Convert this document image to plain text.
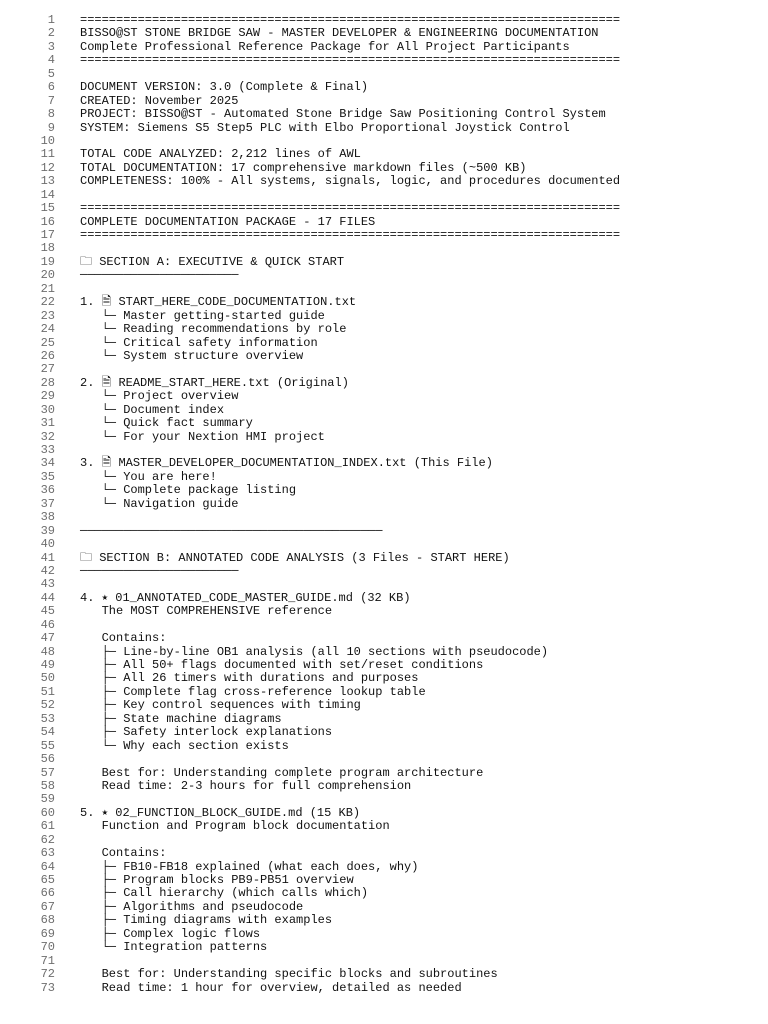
1 ===========================================================================
2 BISSO@ST STONE BRIDGE SAW - MASTER DEVELOPER & ENGINEERING DOCUMENTATION
3 Complete Professional Reference Package for All Project Participants
4 ===========================================================================
5
6 DOCUMENT VERSION: 3.0 (Complete & Final)
7 CREATED: November 2025
8 PROJECT: BISSO@ST - Automated Stone Bridge Saw Positioning Control System
9 SYSTEM: Siemens S5 Step5 PLC with Elbo Proportional Joystick Control
10
11 TOTAL CODE ANALYZED: 2,212 lines of AWL
12 TOTAL DOCUMENTATION: 17 comprehensive markdown files (~500 KB)
13 COMPLETENESS: 100% - All systems, signals, logic, and procedures documented
14
15 ===========================================================================
16 COMPLETE DOCUMENTATION PACKAGE - 17 FILES
17 ===========================================================================
18
19 🗀 SECTION A: EXECUTIVE & QUICK START
20 ──────────────────────
21
22 1. 🗎 START_HERE_CODE_DOCUMENTATION.txt
23 └─ Master getting-started guide
24 └─ Reading recommendations by role
25 └─ Critical safety information
26 └─ System structure overview
27
28 2. 🗎 README_START_HERE.txt (Original)
29 └─ Project overview
30 └─ Document index
31 └─ Quick fact summary
32 └─ For your Nextion HMI project
33
34 3. 🗎 MASTER_DEVELOPER_DOCUMENTATION_INDEX.txt (This File)
35 └─ You are here!
36 └─ Complete package listing
37 └─ Navigation guide
38
39 ──────────────────────────────────────────
40
41 🗀 SECTION B: ANNOTATED CODE ANALYSIS (3 Files - START HERE)
42 ──────────────────────
43
44 4. ⭑ 01_ANNOTATED_CODE_MASTER_GUIDE.md (32 KB)
45 The MOST COMPREHENSIVE reference
46
47 Contains:
48 ├─ Line-by-line OB1 analysis (all 10 sections with pseudocode)
49 ├─ All 50+ flags documented with set/reset conditions
50 ├─ All 26 timers with durations and purposes
51 ├─ Complete flag cross-reference lookup table
52 ├─ Key control sequences with timing
53 ├─ State machine diagrams
54 ├─ Safety interlock explanations
55 └─ Why each section exists
56
57 Best for: Understanding complete program architecture
58 Read time: 2-3 hours for full comprehension
59
60 5. ⭑ 02_FUNCTION_BLOCK_GUIDE.md (15 KB)
61 Function and Program block documentation
62
63 Contains:
64 ├─ FB10-FB18 explained (what each does, why)
65 ├─ Program blocks PB9-PB51 overview
66 ├─ Call hierarchy (which calls which)
67 ├─ Algorithms and pseudocode
68 ├─ Timing diagrams with examples
69 ├─ Complex logic flows
70 └─ Integration patterns
71
72 Best for: Understanding specific blocks and subroutines
73 Read time: 1 hour for overview, detailed as needed
